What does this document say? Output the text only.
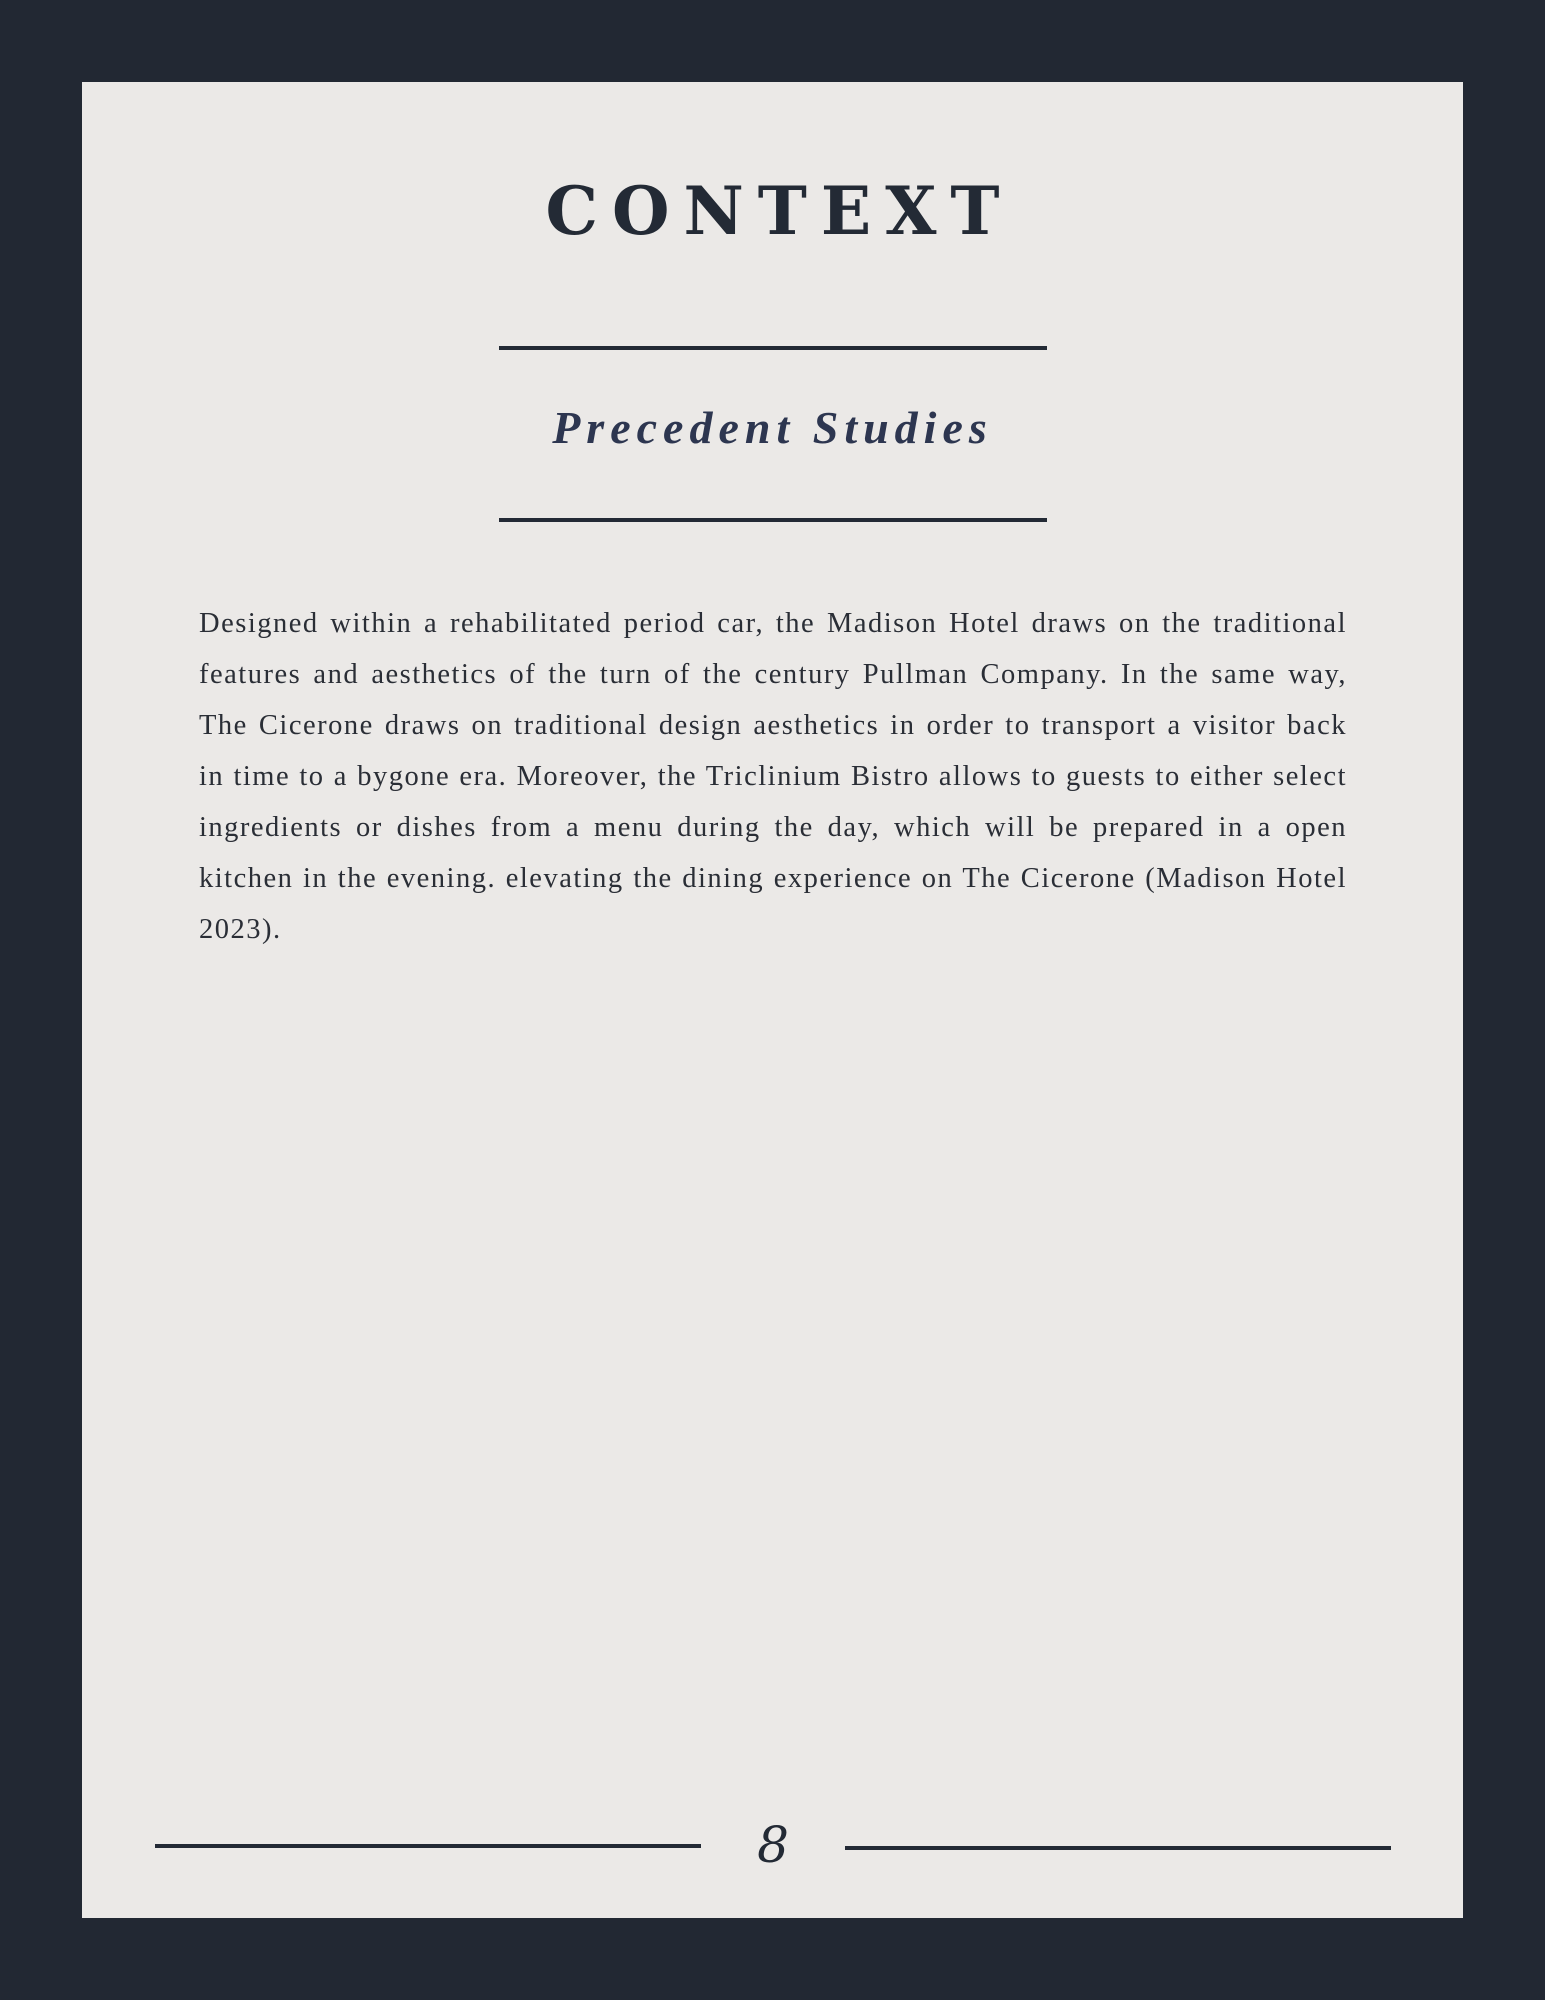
CONTEXT
Precedent Studies

Designed within a rehabilitated period car, the Madison Hotel draws on the traditional features and aesthetics of the turn of the century Pullman Company. In the same way, The Cicerone draws on traditional design aesthetics in order to transport a visitor back in time to a bygone era. Moreover, the Triclinium Bistro allows to guests to either select ingredients or dishes from a menu during the day, which will be prepared in a open kitchen in the evening. elevating the dining experience on The Cicerone (Madison Hotel 2023).

8
